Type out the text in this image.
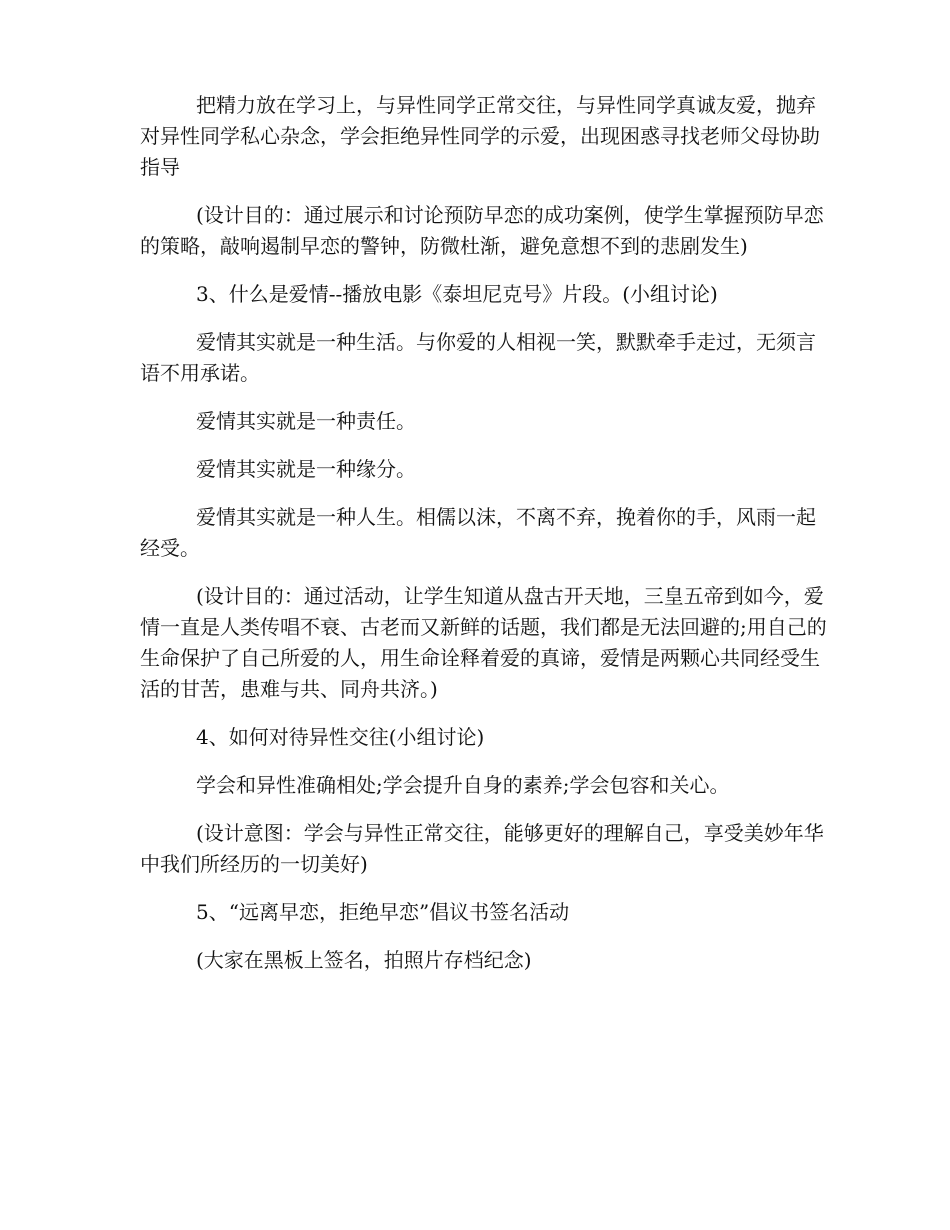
把精力放在学习上，与异性同学正常交往，与异性同学真诚友爱，抛弃对异性同学私心杂念，学会拒绝异性同学的示爱，出现困惑寻找老师父母协助指导

(设计目的：通过展示和讨论预防早恋的成功案例，使学生掌握预防早恋的策略，敲响遏制早恋的警钟，防微杜渐，避免意想不到的悲剧发生)

3、什么是爱情--播放电影《泰坦尼克号》片段。(小组讨论)

爱情其实就是一种生活。与你爱的人相视一笑，默默牵手走过，无须言语不用承诺。

爱情其实就是一种责任。

爱情其实就是一种缘分。

爱情其实就是一种人生。相儒以沫，不离不弃，挽着你的手，风雨一起经受。

(设计目的：通过活动，让学生知道从盘古开天地，三皇五帝到如今，爱情一直是人类传唱不衰、古老而又新鲜的话题，我们都是无法回避的;用自己的生命保护了自己所爱的人，用生命诠释着爱的真谛，爱情是两颗心共同经受生活的甘苦，患难与共、同舟共济。)

4、如何对待异性交往(小组讨论)

学会和异性准确相处;学会提升自身的素养;学会包容和关心。

(设计意图：学会与异性正常交往，能够更好的理解自己，享受美妙年华中我们所经历的一切美好)

5、“远离早恋，拒绝早恋”倡议书签名活动

(大家在黑板上签名，拍照片存档纪念)
